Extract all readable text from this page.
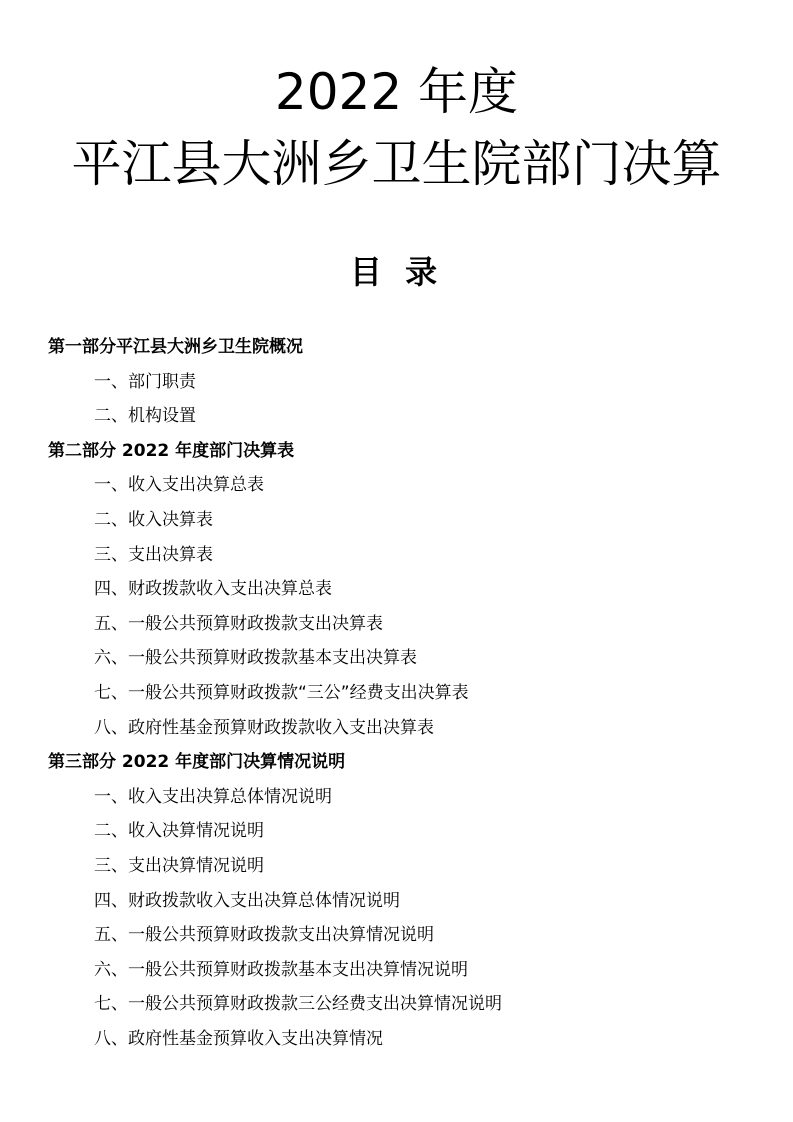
2022 年度
平江县大洲乡卫生院部门决算
目 录
第一部分平江县大洲乡卫生院概况
一、部门职责
二、机构设置
第二部分 2022 年度部门决算表
一、收入支出决算总表
二、收入决算表
三、支出决算表
四、财政拨款收入支出决算总表
五、一般公共预算财政拨款支出决算表
六、一般公共预算财政拨款基本支出决算表
七、一般公共预算财政拨款“三公”经费支出决算表
八、政府性基金预算财政拨款收入支出决算表
第三部分 2022 年度部门决算情况说明
一、收入支出决算总体情况说明
二、收入决算情况说明
三、支出决算情况说明
四、财政拨款收入支出决算总体情况说明
五、一般公共预算财政拨款支出决算情况说明
六、一般公共预算财政拨款基本支出决算情况说明
七、一般公共预算财政拨款三公经费支出决算情况说明
八、政府性基金预算收入支出决算情况
